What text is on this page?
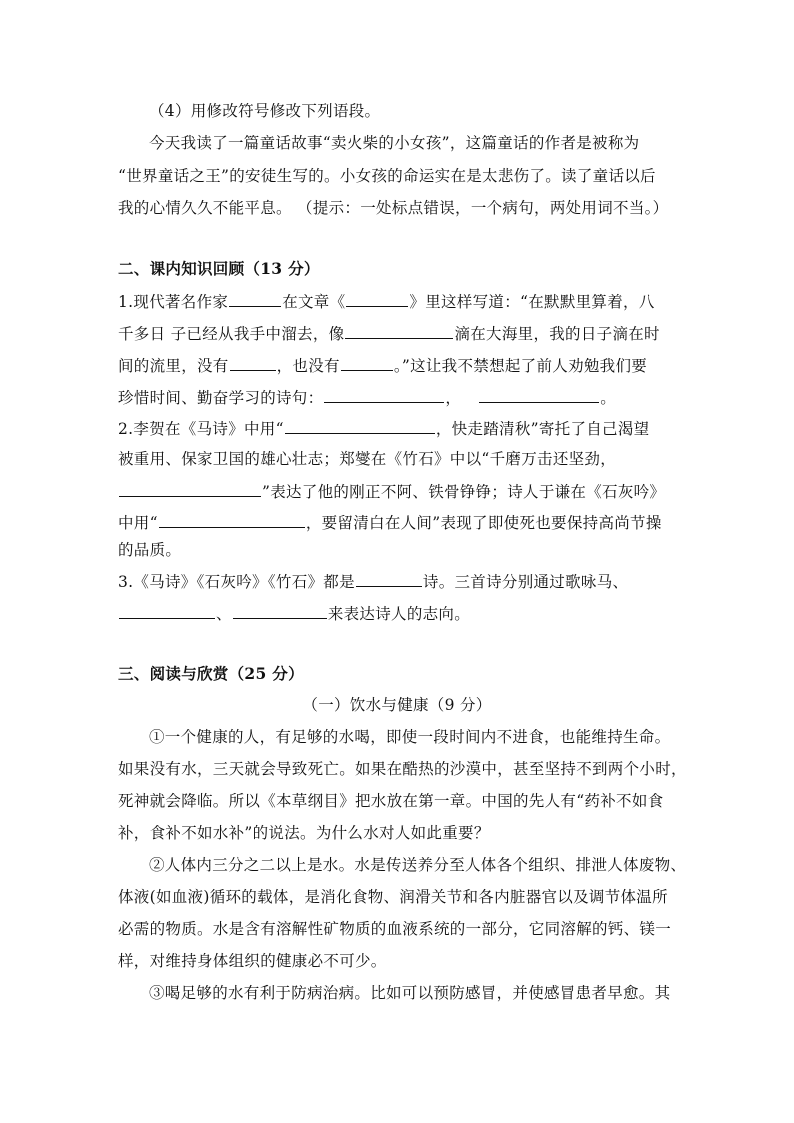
（4）用修改符号修改下列语段。
今天我读了一篇童话故事“卖火柴的小女孩”，这篇童话的作者是被称为
“世界童话之王”的安徒生写的。小女孩的命运实在是太悲伤了。读了童话以后
我的心情久久不能平息。 （提示：一处标点错误，一个病句，两处用词不当。）
二、课内知识回顾（13 分）
1.现代著名作家	在文章《	》里这样写道：“在默默里算着，八
千多日 子已经从我手中溜去，像	滴在大海里，我的日子滴在时
间的流里，没有	，也没有	。”这让我不禁想起了前人劝勉我们要
珍惜时间、勤奋学习的诗句：	，	。
2.李贺在《马诗》中用“	，快走踏清秋”寄托了自己渴望
被重用、保家卫国的雄心壮志；郑燮在《竹石》中以“千磨万击还坚劲，
”表达了他的刚正不阿、铁骨铮铮；诗人于谦在《石灰吟》
中用“	，要留清白在人间”表现了即使死也要保持高尚节操
的品质。
3.《马诗》《石灰吟》《竹石》都是	诗。三首诗分别通过歌咏马、
、	来表达诗人的志向。
三、阅读与欣赏（25 分）
（一）饮水与健康（9 分）
①一个健康的人，有足够的水喝，即使一段时间内不进食，也能维持生命。
如果没有水，三天就会导致死亡。如果在酷热的沙漠中，甚至坚持不到两个小时，
死神就会降临。所以《本草纲目》把水放在第一章。中国的先人有“药补不如食
补，食补不如水补”的说法。为什么水对人如此重要？
②人体内三分之二以上是水。水是传送养分至人体各个组织、排泄人体废物、
体液(如血液)循环的载体，是消化食物、润滑关节和各内脏器官以及调节体温所
必需的物质。水是含有溶解性矿物质的血液系统的一部分，它同溶解的钙、镁一
样，对维持身体组织的健康必不可少。
③喝足够的水有利于防病治病。比如可以预防感冒，并使感冒患者早愈。其
